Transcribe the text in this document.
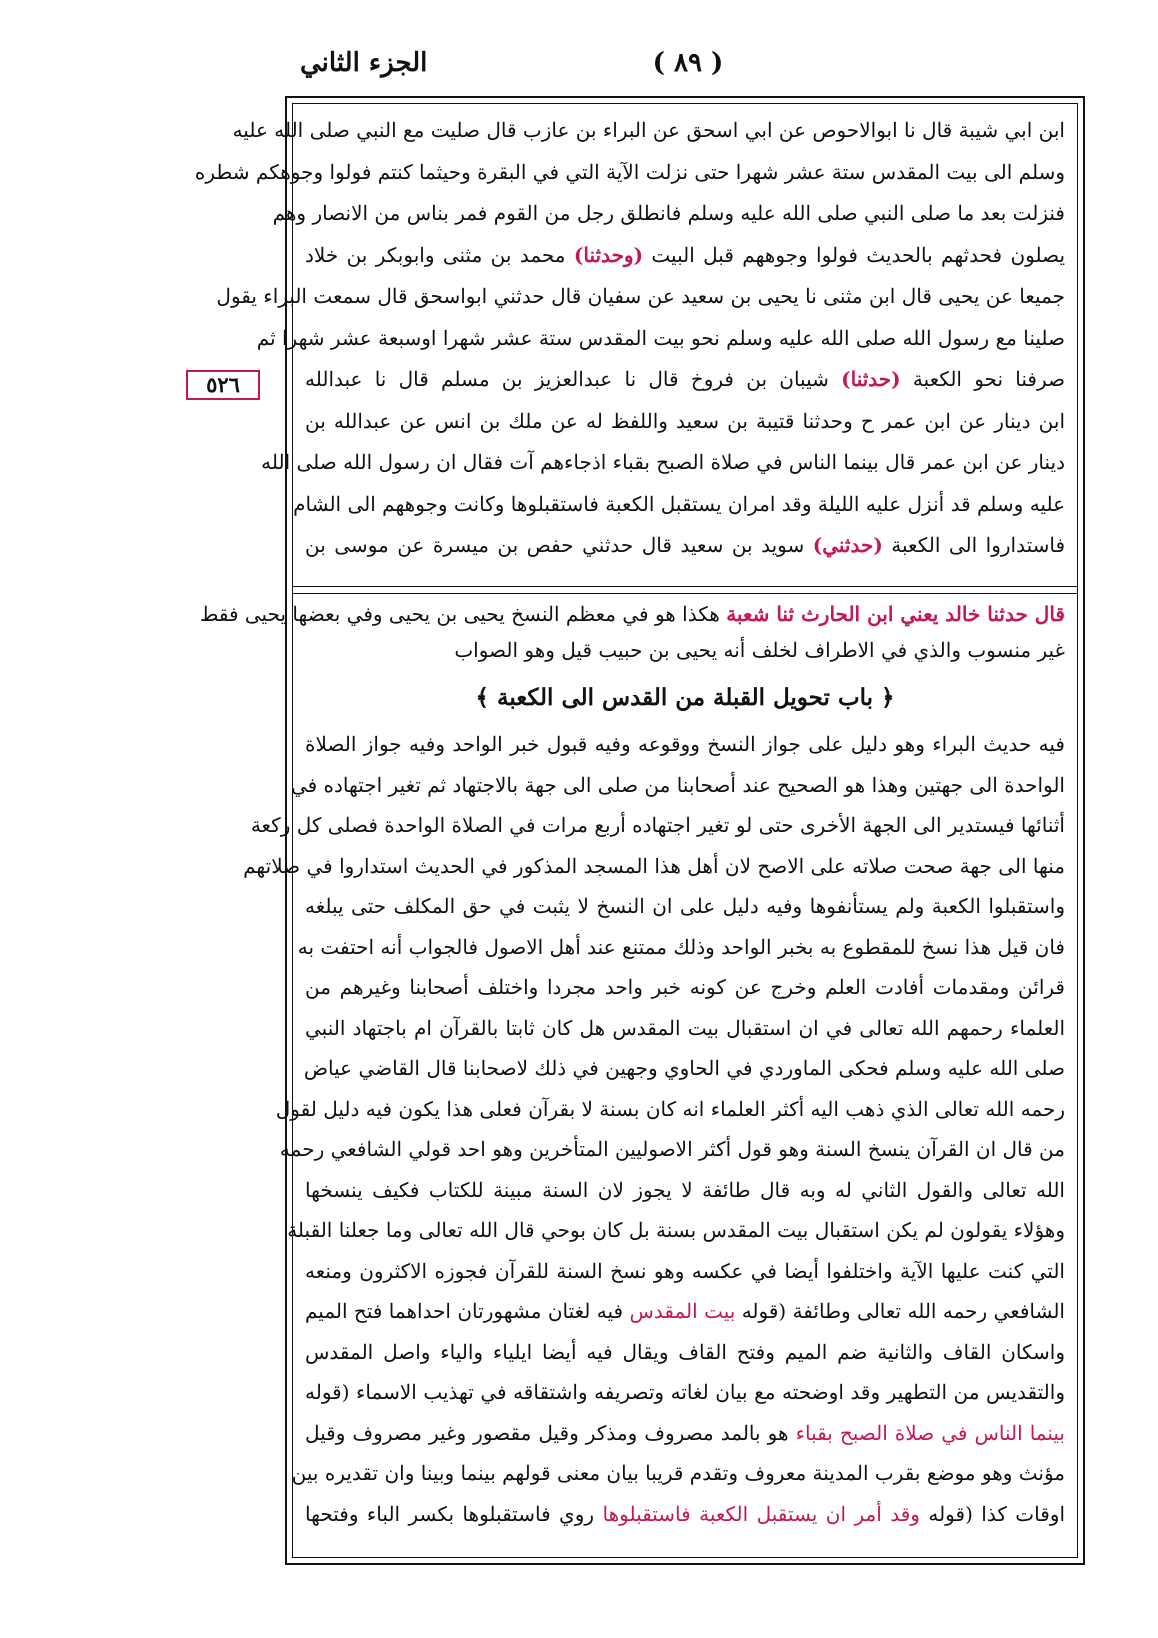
( ٨٩ )
الجزء الثاني
٥٢٦
ابن ابي شيبة قال نا ابوالاحوص عن ابي اسحق عن البراء بن عازب قال صليت مع النبي صلى الله عليه
وسلم الى بيت المقدس ستة عشر شهرا حتى نزلت الآية التي في البقرة وحيثما كنتم فولوا وجوهكم شطره
فنزلت بعد ما صلى النبي صلى الله عليه وسلم فانطلق رجل من القوم فمر بناس من الانصار وهم
يصلون فحدثهم بالحديث فولوا وجوههم قبل البيت (وحدثنا) محمد بن مثنى وابوبكر بن خلاد
جميعا عن يحيى قال ابن مثنى نا يحيى بن سعيد عن سفيان قال حدثني ابواسحق قال سمعت البراء يقول
صلينا مع رسول الله صلى الله عليه وسلم نحو بيت المقدس ستة عشر شهرا اوسبعة عشر شهرا ثم
صرفنا نحو الكعبة (حدثنا) شيبان بن فروخ قال نا عبدالعزيز بن مسلم قال نا عبدالله
ابن دينار عن ابن عمر ح وحدثنا قتيبة بن سعيد واللفظ له عن ملك بن انس عن عبدالله بن
دينار عن ابن عمر قال بينما الناس في صلاة الصبح بقباء اذجاءهم آت فقال ان رسول الله صلى الله
عليه وسلم قد أنزل عليه الليلة وقد امران يستقبل الكعبة فاستقبلوها وكانت وجوههم الى الشام
فاستداروا الى الكعبة (حدثني) سويد بن سعيد قال حدثني حفص بن ميسرة عن موسى بن
قال حدثنا خالد يعني ابن الحارث ثنا شعبة هكذا هو في معظم النسخ يحيى بن يحيى وفي بعضها يحيى فقط
غير منسوب والذي في الاطراف لخلف أنه يحيى بن حبيب قيل وهو الصواب
﴿ باب تحويل القبلة من القدس الى الكعبة ﴾
فيه حديث البراء وهو دليل على جواز النسخ ووقوعه وفيه قبول خبر الواحد وفيه جواز الصلاة
الواحدة الى جهتين وهذا هو الصحيح عند أصحابنا من صلى الى جهة بالاجتهاد ثم تغير اجتهاده في
أثنائها فيستدير الى الجهة الأخرى حتى لو تغير اجتهاده أربع مرات في الصلاة الواحدة فصلى كل ركعة
منها الى جهة صحت صلاته على الاصح لان أهل هذا المسجد المذكور في الحديث استداروا في صلاتهم
واستقبلوا الكعبة ولم يستأنفوها وفيه دليل على ان النسخ لا يثبت في حق المكلف حتى يبلغه
فان قيل هذا نسخ للمقطوع به بخبر الواحد وذلك ممتنع عند أهل الاصول فالجواب أنه احتفت به
قرائن ومقدمات أفادت العلم وخرج عن كونه خبر واحد مجردا واختلف أصحابنا وغيرهم من
العلماء رحمهم الله تعالى في ان استقبال بيت المقدس هل كان ثابتا بالقرآن ام باجتهاد النبي
صلى الله عليه وسلم فحكى الماوردي في الحاوي وجهين في ذلك لاصحابنا قال القاضي عياض
رحمه الله تعالى الذي ذهب اليه أكثر العلماء انه كان بسنة لا بقرآن فعلى هذا يكون فيه دليل لقول
من قال ان القرآن ينسخ السنة وهو قول أكثر الاصوليين المتأخرين وهو احد قولي الشافعي رحمه
الله تعالى والقول الثاني له وبه قال طائفة لا يجوز لان السنة مبينة للكتاب فكيف ينسخها
وهؤلاء يقولون لم يكن استقبال بيت المقدس بسنة بل كان بوحي قال الله تعالى وما جعلنا القبلة
التي كنت عليها الآية واختلفوا أيضا في عكسه وهو نسخ السنة للقرآن فجوزه الاكثرون ومنعه
الشافعي رحمه الله تعالى وطائفة (قوله بيت المقدس فيه لغتان مشهورتان احداهما فتح الميم
واسكان القاف والثانية ضم الميم وفتح القاف ويقال فيه أيضا ايلياء والياء واصل المقدس
والتقديس من التطهير وقد اوضحته مع بيان لغاته وتصريفه واشتقاقه في تهذيب الاسماء (قوله
بينما الناس في صلاة الصبح بقباء هو بالمد مصروف ومذكر وقيل مقصور وغير مصروف وقيل
مؤنث وهو موضع بقرب المدينة معروف وتقدم قريبا بيان معنى قولهم بينما وبينا وان تقديره بين
اوقات كذا (قوله وقد أمر ان يستقبل الكعبة فاستقبلوها روي فاستقبلوها بكسر الباء وفتحها
